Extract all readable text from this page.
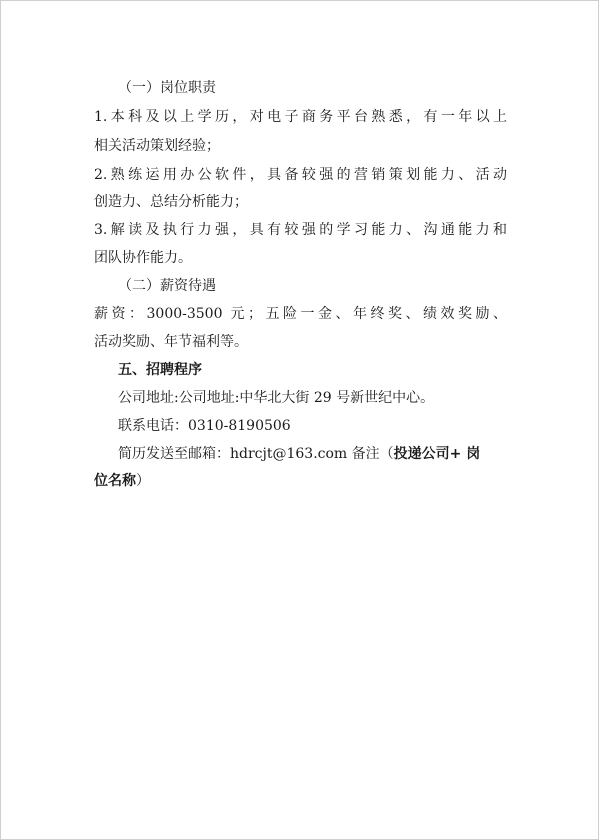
（一）岗位职责
1.本科及以上学历，对电子商务平台熟悉，有一年以上
相关活动策划经验；
2.熟练运用办公软件，具备较强的营销策划能力、活动
创造力、总结分析能力；
3.解读及执行力强，具有较强的学习能力、沟通能力和
团队协作能力。
（二）薪资待遇
薪资：3000-3500 元；五险一金、年终奖、绩效奖励、
活动奖励、年节福利等。
五、招聘程序
公司地址:公司地址:中华北大街 29 号新世纪中心。
联系电话：0310-8190506
简历发送至邮箱：hdrcjt@163.com 备注（投递公司+ 岗
位名称）
